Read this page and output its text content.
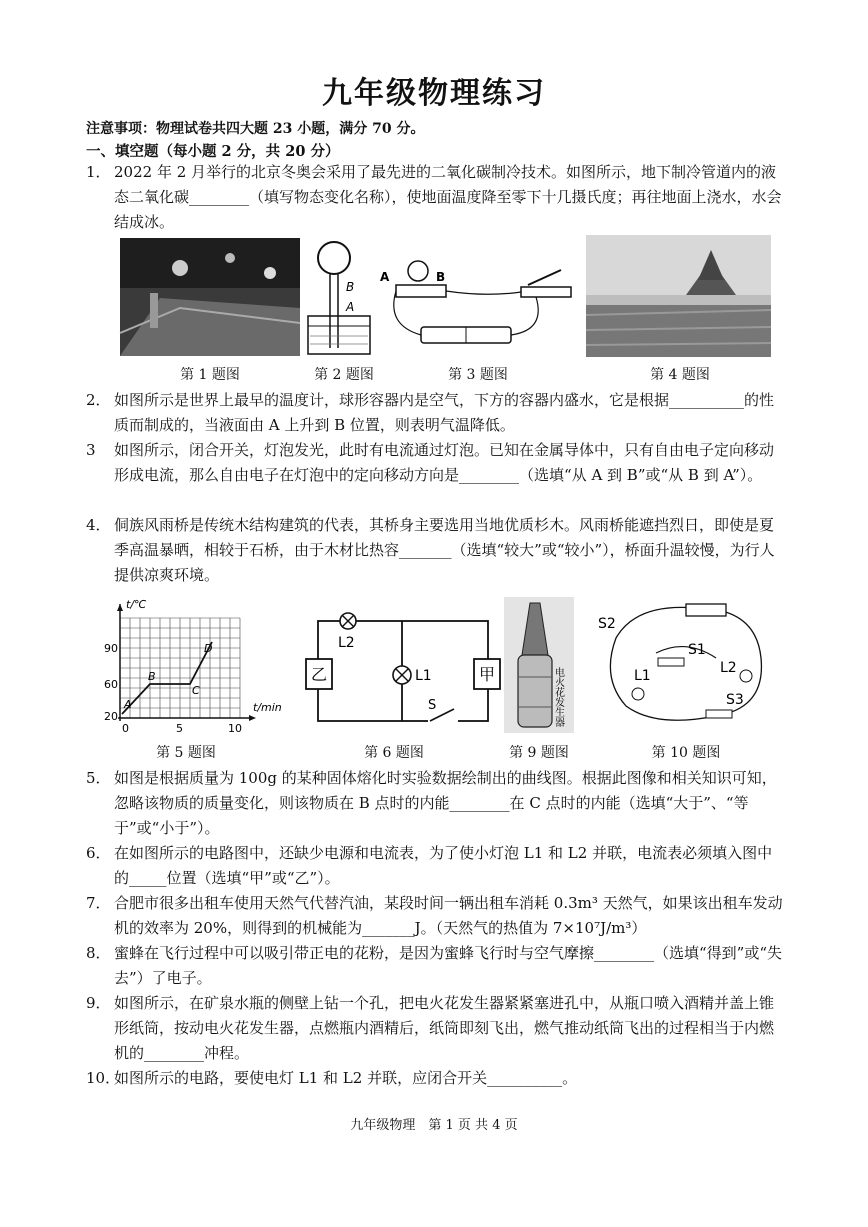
九年级物理练习
注意事项：物理试卷共四大题 23 小题，满分 70 分。
一、填空题（每小题 2 分，共 20 分）
1． 2022 年 2 月举行的北京冬奥会采用了最先进的二氧化碳制冷技术。如图所示，地下制冷管道内的液态二氧化碳________（填写物态变化名称），使地面温度降至零下十几摄氏度；再往地面上浇水，水会结成冰。
第 1 题图
B
A
第 2 题图
A	B
第 3 题图	第 4 题图
2． 如图所示是世界上最早的温度计，球形容器内是空气，下方的容器内盛水，它是根据__________的性质而制成的，当液面由 A 上升到 B 位置，则表明气温降低。
3 如图所示，闭合开关，灯泡发光，此时有电流通过灯泡。已知在金属导体中，只有自由电子定向移动形成电流，那么自由电子在灯泡中的定向移动方向是________（选填“从 A 到 B”或“从 B 到 A”）。
4． 侗族风雨桥是传统木结构建筑的代表，其桥身主要选用当地优质杉木。风雨桥能遮挡烈日，即使是夏季高温暴晒，相较于石桥，由于木材比热容_______（选填“较大”或“较小”），桥面升温较慢，为行人提供凉爽环境。
t/℃
t/min
90
60
20
0	5	10
A
B
C
D
第 5 题图
L2
L1
乙	甲
S
第 6 题图
电火花发生器
第 9 题图
S2
S1
L1	L2
S3
第 10 题图
5． 如图是根据质量为 100g 的某种固体熔化时实验数据绘制出的曲线图。根据此图像和相关知识可知，忽略该物质的质量变化，则该物质在 B 点时的内能________在 C 点时的内能（选填“大于”、“等于”或“小于”）。
6． 在如图所示的电路图中，还缺少电源和电流表，为了使小灯泡 L1 和 L2 并联，电流表必须填入图中的_____位置（选填“甲”或“乙”）。
7． 合肥市很多出租车使用天然气代替汽油，某段时间一辆出租车消耗 0.3m³ 天然气，如果该出租车发动机的效率为 20%，则得到的机械能为_______J。（天然气的热值为 7×10⁷J/m³）
8． 蜜蜂在飞行过程中可以吸引带正电的花粉，是因为蜜蜂飞行时与空气摩擦________（选填“得到”或“失去”）了电子。
9． 如图所示，在矿泉水瓶的侧壁上钻一个孔，把电火花发生器紧紧塞进孔中，从瓶口喷入酒精并盖上锥形纸筒，按动电火花发生器，点燃瓶内酒精后，纸筒即刻飞出，燃气推动纸筒飞出的过程相当于内燃机的________冲程。
10．
如图所示的电路，要使电灯 L1 和 L2 并联，应闭合开关__________。
九年级物理　第 1 页 共 4 页
